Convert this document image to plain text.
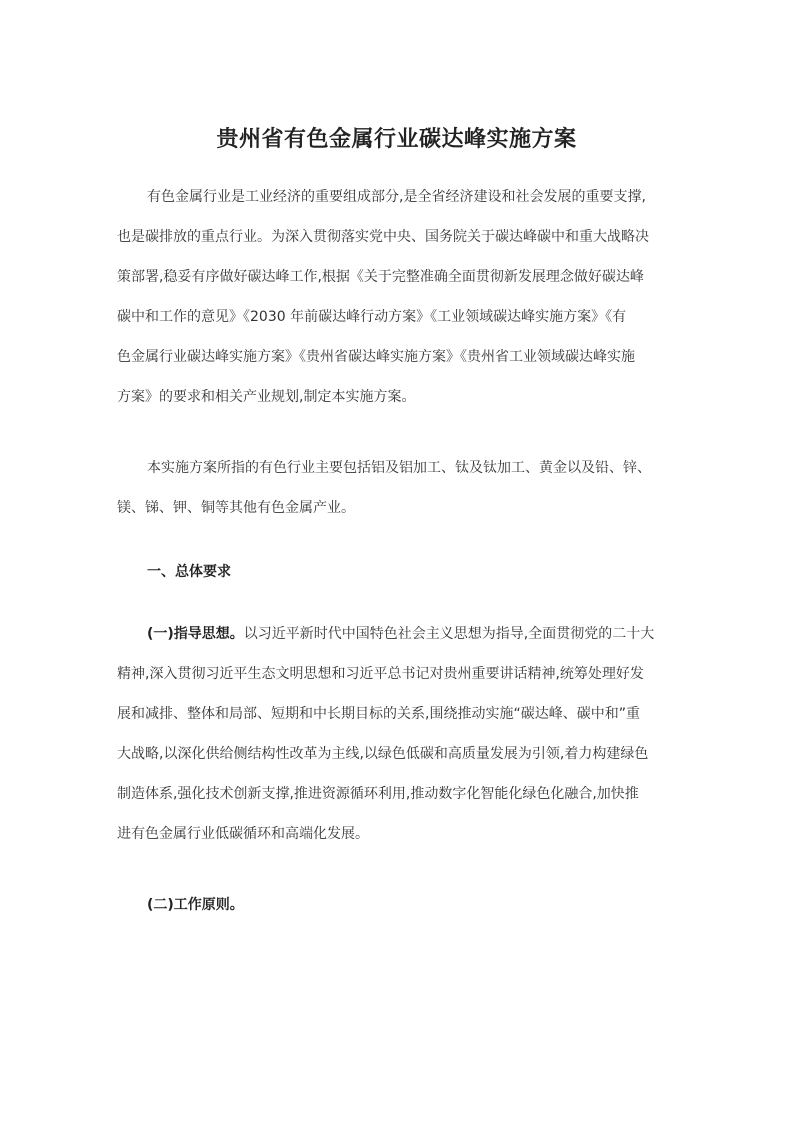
贵州省有色金属行业碳达峰实施方案
有色金属行业是工业经济的重要组成部分,是全省经济建设和社会发展的重要支撑,
也是碳排放的重点行业。为深入贯彻落实党中央、国务院关于碳达峰碳中和重大战略决
策部署,稳妥有序做好碳达峰工作,根据《关于完整准确全面贯彻新发展理念做好碳达峰
碳中和工作的意见》《2030 年前碳达峰行动方案》《工业领域碳达峰实施方案》《有
色金属行业碳达峰实施方案》《贵州省碳达峰实施方案》《贵州省工业领域碳达峰实施
方案》的要求和相关产业规划,制定本实施方案。
本实施方案所指的有色行业主要包括铝及铝加工、钛及钛加工、黄金以及铅、锌、
镁、锑、钾、铜等其他有色金属产业。
一、总体要求
(一)指导思想。以习近平新时代中国特色社会主义思想为指导,全面贯彻党的二十大
精神,深入贯彻习近平生态文明思想和习近平总书记对贵州重要讲话精神,统筹处理好发
展和减排、整体和局部、短期和中长期目标的关系,围绕推动实施“碳达峰、碳中和”重
大战略,以深化供给侧结构性改革为主线,以绿色低碳和高质量发展为引领,着力构建绿色
制造体系,强化技术创新支撑,推进资源循环利用,推动数字化智能化绿色化融合,加快推
进有色金属行业低碳循环和高端化发展。
(二)工作原则。
